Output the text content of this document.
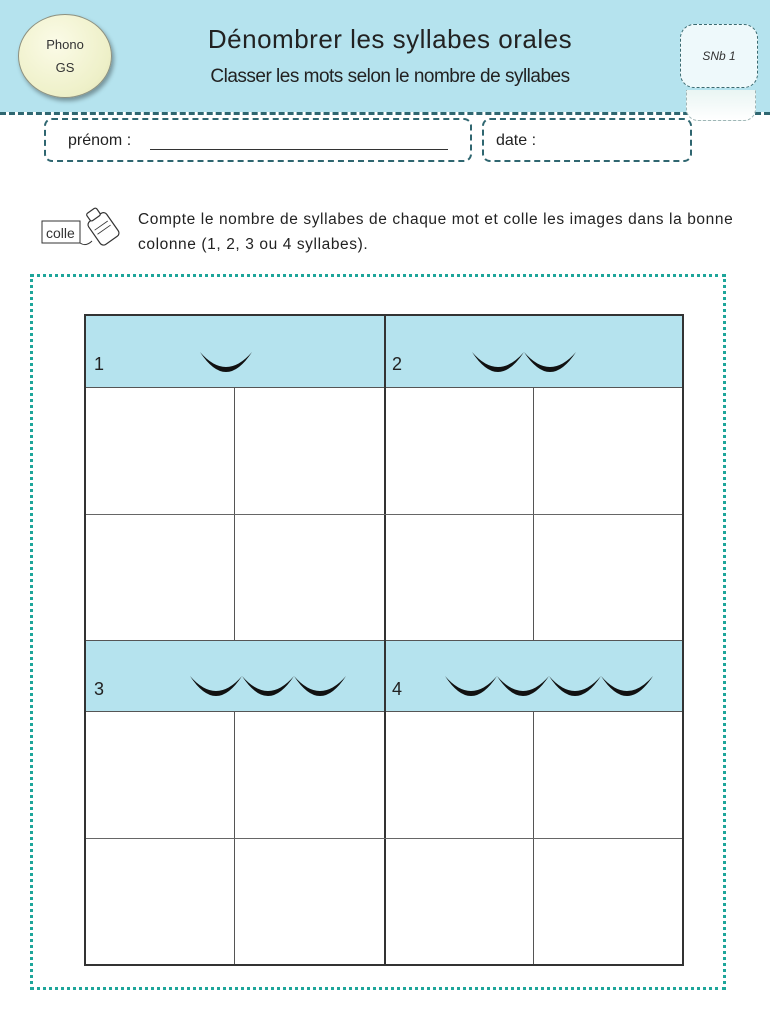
Phono
GS
Dénombrer les syllabes orales
Classer les mots selon le nombre de syllabes
SNb 1
prénom :	date :
colle
Compte le nombre de syllabes de chaque mot et colle les images dans la bonne colonne (1, 2, 3 ou 4 syllabes).
1	2
3	4
